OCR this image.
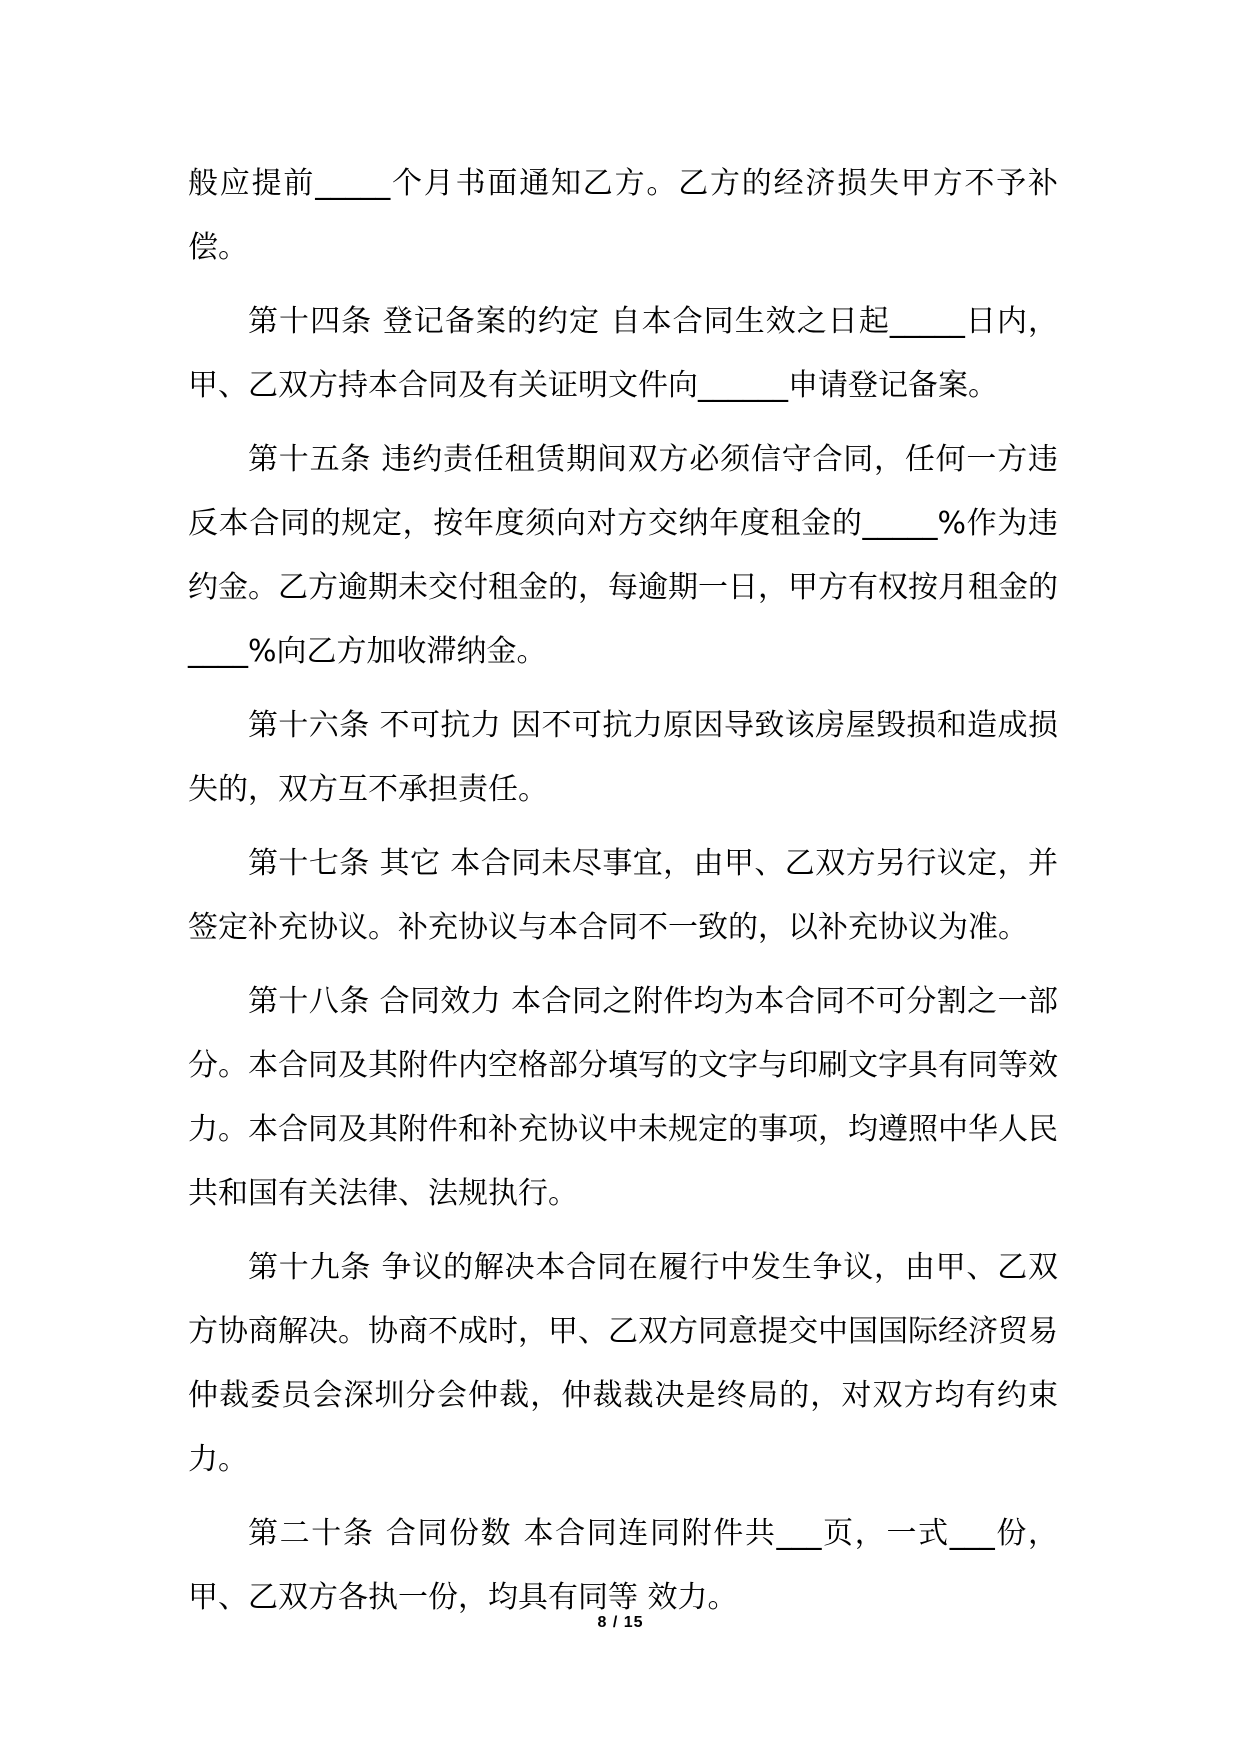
般应提前_____个月书面通知乙方。乙方的经济损失甲方不予补偿。

第十四条 登记备案的约定 自本合同生效之日起_____日内，甲、乙双方持本合同及有关证明文件向______申请登记备案。

第十五条 违约责任租赁期间双方必须信守合同，任何一方违反本合同的规定，按年度须向对方交纳年度租金的_____%作为违约金。乙方逾期未交付租金的，每逾期一日，甲方有权按月租金的____%向乙方加收滞纳金。

第十六条 不可抗力 因不可抗力原因导致该房屋毁损和造成损失的，双方互不承担责任。

第十七条 其它 本合同未尽事宜，由甲、乙双方另行议定，并签定补充协议。补充协议与本合同不一致的，以补充协议为准。

第十八条 合同效力 本合同之附件均为本合同不可分割之一部分。本合同及其附件内空格部分填写的文字与印刷文字具有同等效力。本合同及其附件和补充协议中未规定的事项，均遵照中华人民共和国有关法律、法规执行。

第十九条 争议的解决本合同在履行中发生争议，由甲、乙双方协商解决。协商不成时，甲、乙双方同意提交中国国际经济贸易仲裁委员会深圳分会仲裁，仲裁裁决是终局的，对双方均有约束力。

第二十条 合同份数 本合同连同附件共___页，一式___份，甲、乙双方各执一份，均具有同等 效力。

8 / 15
